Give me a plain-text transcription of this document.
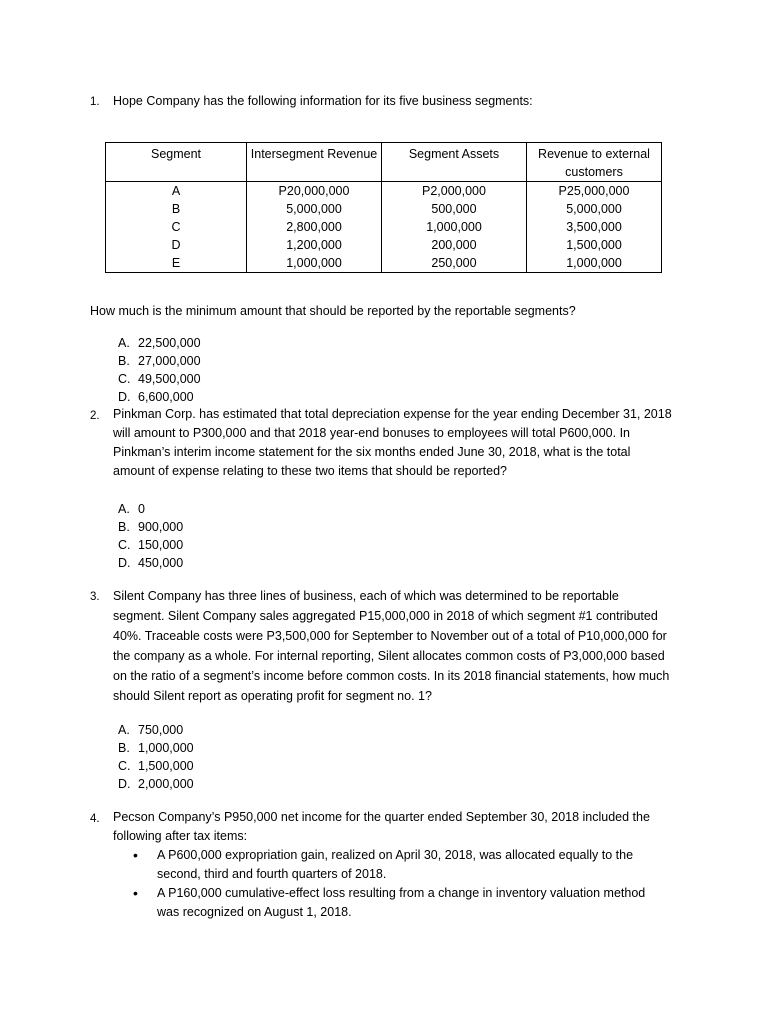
1. Hope Company has the following information for its five business segments:
Segment	Intersegment Revenue	Segment Assets	Revenue to external customers
A	P20,000,000	P2,000,000	P25,000,000
B	5,000,000	500,000	5,000,000
C	2,800,000	1,000,000	3,500,000
D	1,200,000	200,000	1,500,000
E	1,000,000	250,000	1,000,000
How much is the minimum amount that should be reported by the reportable segments?
A. 22,500,000
B. 27,000,000
C. 49,500,000
D. 6,600,000
2. Pinkman Corp. has estimated that total depreciation expense for the year ending December 31, 2018
will amount to P300,000 and that 2018 year-end bonuses to employees will total P600,000. In
Pinkman’s interim income statement for the six months ended June 30, 2018, what is the total
amount of expense relating to these two items that should be reported?
A. 0
B. 900,000
C. 150,000
D. 450,000
3. Silent Company has three lines of business, each of which was determined to be reportable
segment. Silent Company sales aggregated P15,000,000 in 2018 of which segment #1 contributed
40%. Traceable costs were P3,500,000 for September to November out of a total of P10,000,000 for
the company as a whole. For internal reporting, Silent allocates common costs of P3,000,000 based
on the ratio of a segment’s income before common costs. In its 2018 financial statements, how much
should Silent report as operating profit for segment no. 1?
A. 750,000
B. 1,000,000
C. 1,500,000
D. 2,000,000
4. Pecson Company’s P950,000 net income for the quarter ended September 30, 2018 included the
following after tax items:
• A P600,000 expropriation gain, realized on April 30, 2018, was allocated equally to the
second, third and fourth quarters of 2018.
• A P160,000 cumulative-effect loss resulting from a change in inventory valuation method
was recognized on August 1, 2018.
